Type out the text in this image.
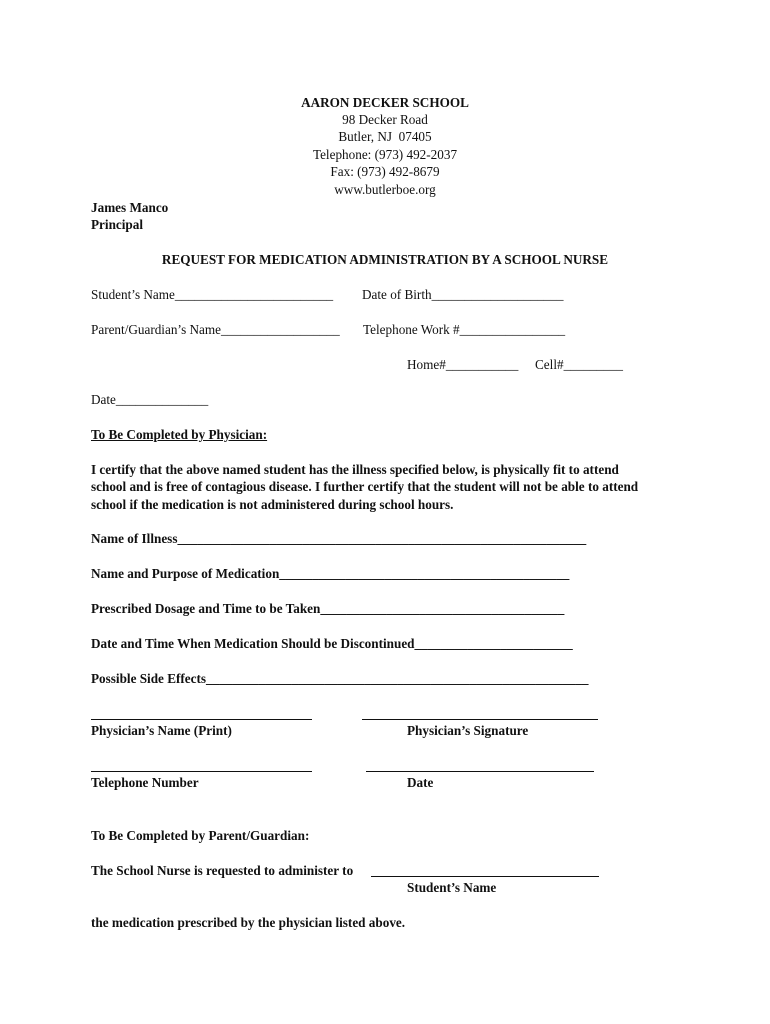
AARON DECKER SCHOOL
98 Decker Road
Butler, NJ  07405
Telephone: (973) 492-2037
Fax: (973) 492-8679
www.butlerboe.org
James Manco
Principal
REQUEST FOR MEDICATION ADMINISTRATION BY A SCHOOL NURSE
Student’s Name________________________ Date of Birth____________________
Parent/Guardian’s Name__________________ Telephone Work #________________
Home#___________ Cell#_________
Date______________
To Be Completed by Physician:
I certify that the above named student has the illness specified below, is physically fit to attend
school and is free of contagious disease. I further certify that the student will not be able to attend
school if the medication is not administered during school hours.
Name of Illness______________________________________________________________
Name and Purpose of Medication____________________________________________
Prescribed Dosage and Time to be Taken_____________________________________
Date and Time When Medication Should be Discontinued________________________
Possible Side Effects__________________________________________________________
Physician’s Name (Print)	Physician’s Signature
Telephone Number	Date
To Be Completed by Parent/Guardian:
The School Nurse is requested to administer to
Student’s Name
the medication prescribed by the physician listed above.
